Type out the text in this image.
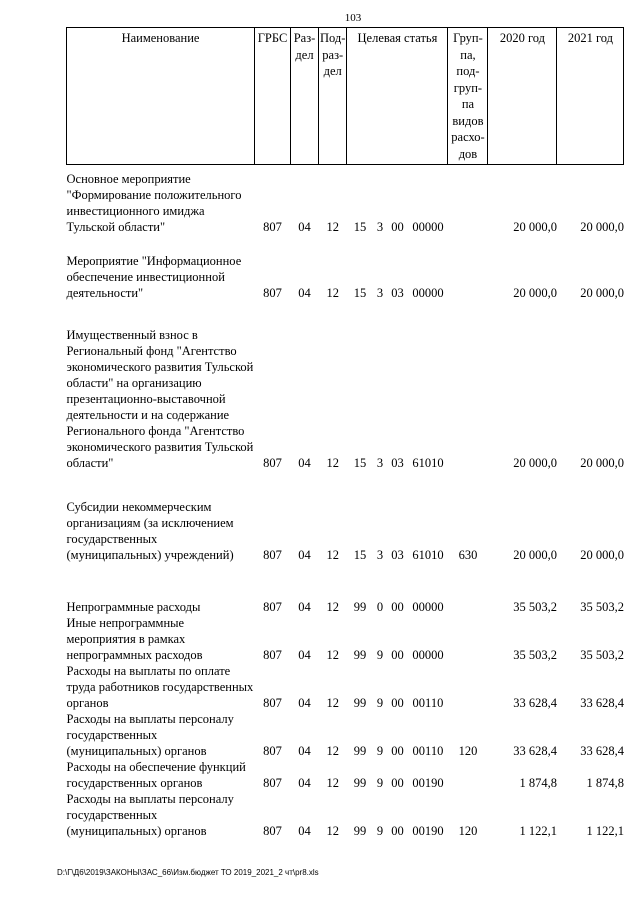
103
Наименование	ГРБС	Раз-дел	Под-раз-дел	Целевая статья				Груп-па, под-груп-па видов расхо-дов	2020 год	2021 год

Основное мероприятие "Формирование положительного инвестиционного имиджа Тульской области"	807	04	12	15	3	00	00000		20 000,0	20 000,0

Мероприятие "Информационное обеспечение инвестиционной деятельности"	807	04	12	15	3	03	00000		20 000,0	20 000,0

Имущественный взнос в Региональный фонд "Агентство экономического развития Тульской области" на организацию презентационно-выставочной деятельности и на содержание Регионального фонда "Агентство экономического развития Тульской области"	807	04	12	15	3	03	61010		20 000,0	20 000,0

Субсидии некоммерческим организациям (за исключением государственных (муниципальных) учреждений)	807	04	12	15	3	03	61010	630	20 000,0	20 000,0

Непрограммные расходы	807	04	12	99	0	00	00000		35 503,2	35 503,2
Иные непрограммные мероприятия в рамках непрограммных расходов	807	04	12	99	9	00	00000		35 503,2	35 503,2
Расходы на выплаты по оплате труда работников государственных органов	807	04	12	99	9	00	00110		33 628,4	33 628,4
Расходы на выплаты персоналу государственных (муниципальных) органов	807	04	12	99	9	00	00110	120	33 628,4	33 628,4
Расходы на обеспечение функций государственных органов	807	04	12	99	9	00	00190		1 874,8	1 874,8
Расходы на выплаты персоналу государственных (муниципальных) органов	807	04	12	99	9	00	00190	120	1 122,1	1 122,1
D:\Г\Д6\2019\ЗАКОНЫ\ЗАС_66\Изм.бюджет ТО 2019_2021_2 чт\pr8.xls
